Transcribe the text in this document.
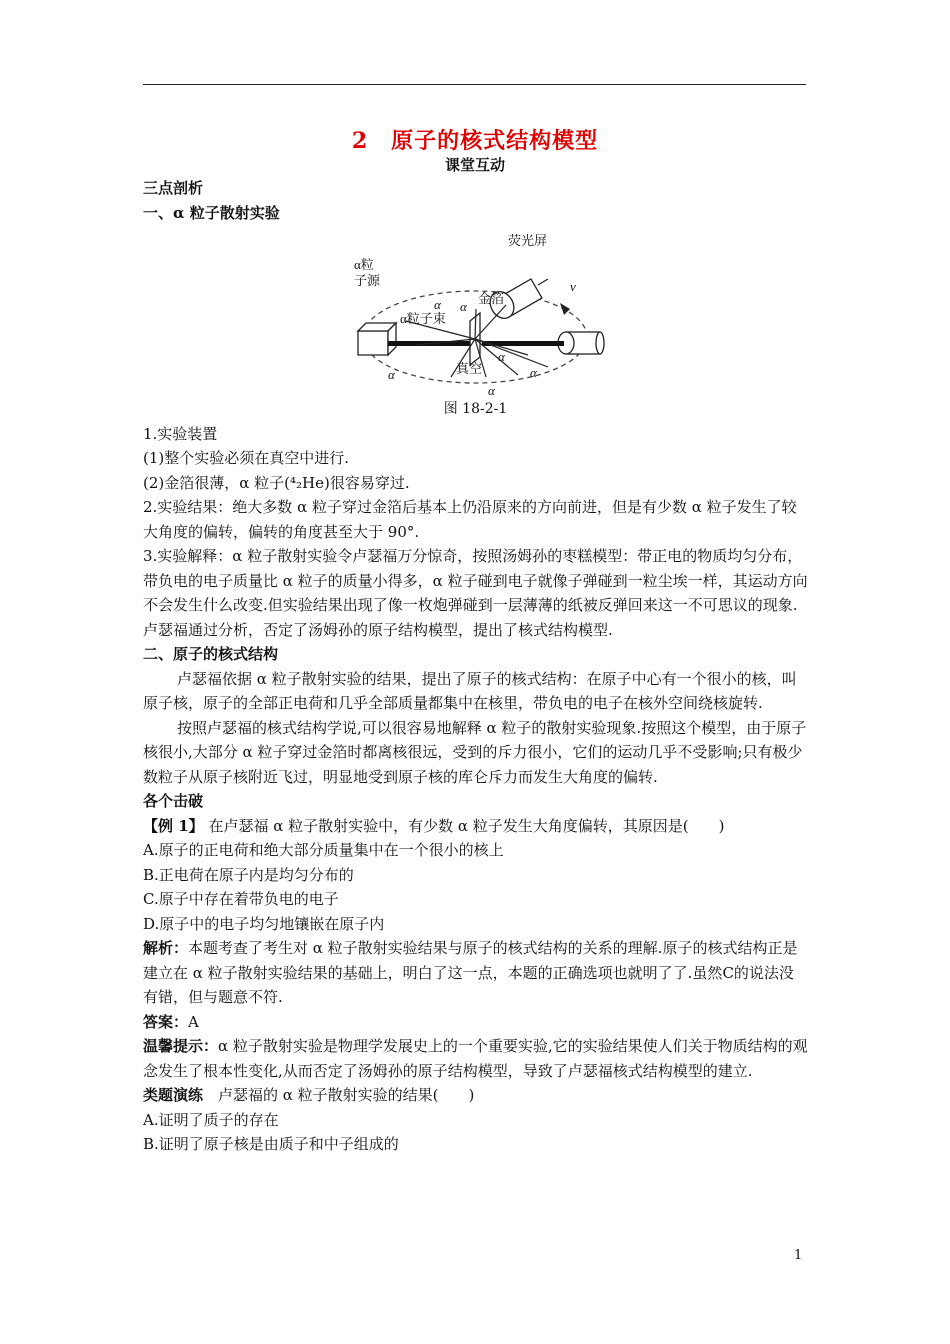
2　原子的核式结构模型
课堂互动

三点剖析

一、α 粒子散射实验

荧光屏
α粒
子源
α粒子束
金箔
真空
α α
α
α
α
α
v

图 18-2-1

1.实验装置

(1)整个实验必须在真空中进行.

(2)金箔很薄，α 粒子(⁴₂He)很容易穿过.

2.实验结果：绝大多数 α 粒子穿过金箔后基本上仍沿原来的方向前进，但是有少数 α 粒子发生了较大角度的偏转，偏转的角度甚至大于 90°.

3.实验解释：α 粒子散射实验令卢瑟福万分惊奇，按照汤姆孙的枣糕模型：带正电的物质均匀分布，带负电的电子质量比 α 粒子的质量小得多，α 粒子碰到电子就像子弹碰到一粒尘埃一样，其运动方向不会发生什么改变.但实验结果出现了像一枚炮弹碰到一层薄薄的纸被反弹回来这一不可思议的现象.卢瑟福通过分析，否定了汤姆孙的原子结构模型，提出了核式结构模型.

二、原子的核式结构

卢瑟福依据 α 粒子散射实验的结果，提出了原子的核式结构：在原子中心有一个很小的核，叫原子核，原子的全部正电荷和几乎全部质量都集中在核里，带负电的电子在核外空间绕核旋转.

按照卢瑟福的核式结构学说,可以很容易地解释 α 粒子的散射实验现象.按照这个模型，由于原子核很小,大部分 α 粒子穿过金箔时都离核很远，受到的斥力很小，它们的运动几乎不受影响;只有极少数粒子从原子核附近飞过，明显地受到原子核的库仑斥力而发生大角度的偏转.

各个击破

【例 1】 在卢瑟福 α 粒子散射实验中，有少数 α 粒子发生大角度偏转，其原因是(　　)

A.原子的正电荷和绝大部分质量集中在一个很小的核上

B.正电荷在原子内是均匀分布的

C.原子中存在着带负电的电子

D.原子中的电子均匀地镶嵌在原子内

解析：本题考查了考生对 α 粒子散射实验结果与原子的核式结构的关系的理解.原子的核式结构正是建立在 α 粒子散射实验结果的基础上，明白了这一点，本题的正确选项也就明了了.虽然C的说法没有错，但与题意不符.

答案：A

温馨提示：α 粒子散射实验是物理学发展史上的一个重要实验,它的实验结果使人们关于物质结构的观念发生了根本性变化,从而否定了汤姆孙的原子结构模型，导致了卢瑟福核式结构模型的建立.

类题演练　卢瑟福的 α 粒子散射实验的结果(　　)

A.证明了质子的存在

B.证明了原子核是由质子和中子组成的

1
